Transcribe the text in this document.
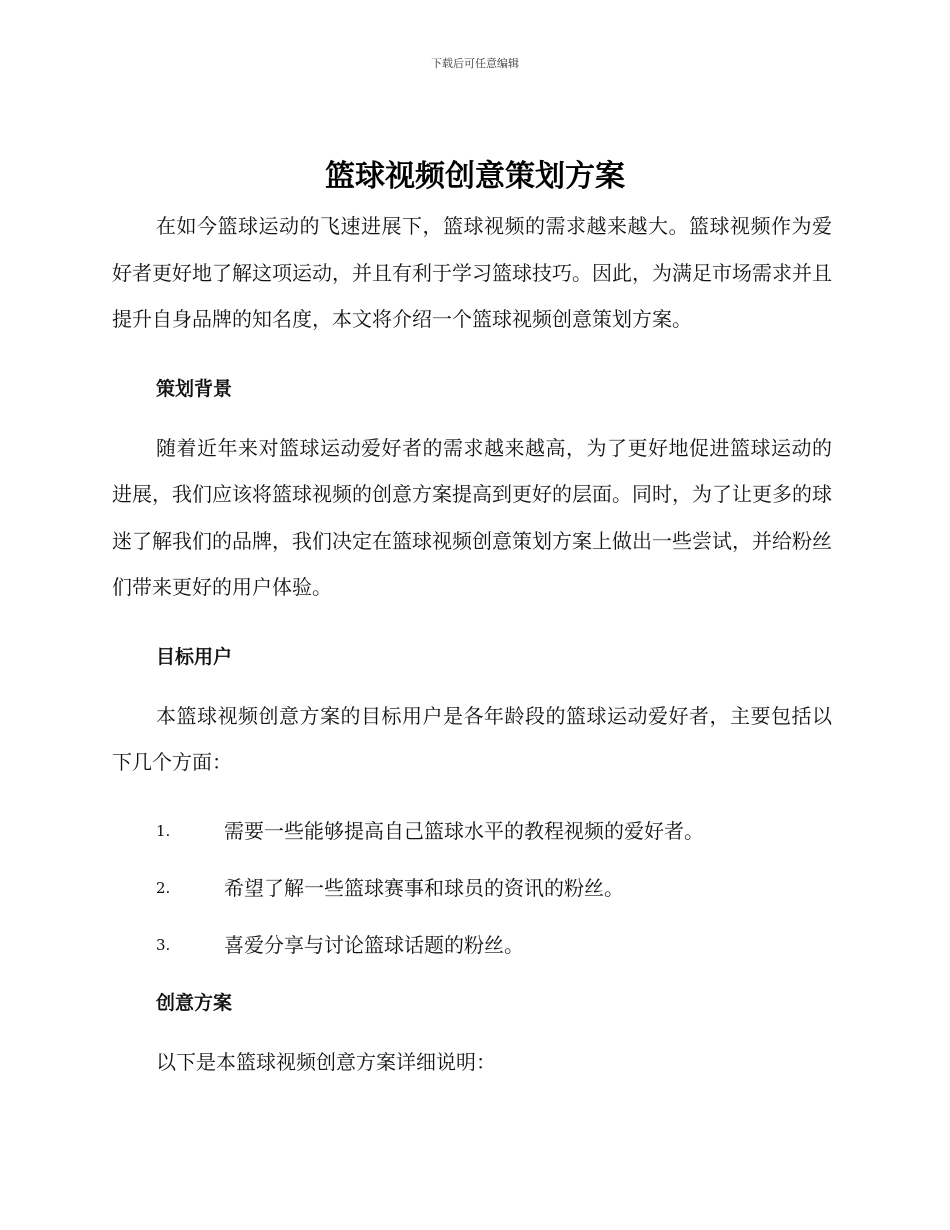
下载后可任意编辑
篮球视频创意策划方案

在如今篮球运动的飞速进展下，篮球视频的需求越来越大。篮球视频作为爱好者更好地了解这项运动，并且有利于学习篮球技巧。因此，为满足市场需求并且提升自身品牌的知名度，本文将介绍一个篮球视频创意策划方案。

策划背景

随着近年来对篮球运动爱好者的需求越来越高，为了更好地促进篮球运动的进展，我们应该将篮球视频的创意方案提高到更好的层面。同时，为了让更多的球迷了解我们的品牌，我们决定在篮球视频创意策划方案上做出一些尝试，并给粉丝们带来更好的用户体验。

目标用户

本篮球视频创意方案的目标用户是各年龄段的篮球运动爱好者，主要包括以下几个方面：

1.	需要一些能够提高自己篮球水平的教程视频的爱好者。
2.	希望了解一些篮球赛事和球员的资讯的粉丝。
3.	喜爱分享与讨论篮球话题的粉丝。
创意方案

以下是本篮球视频创意方案详细说明：
